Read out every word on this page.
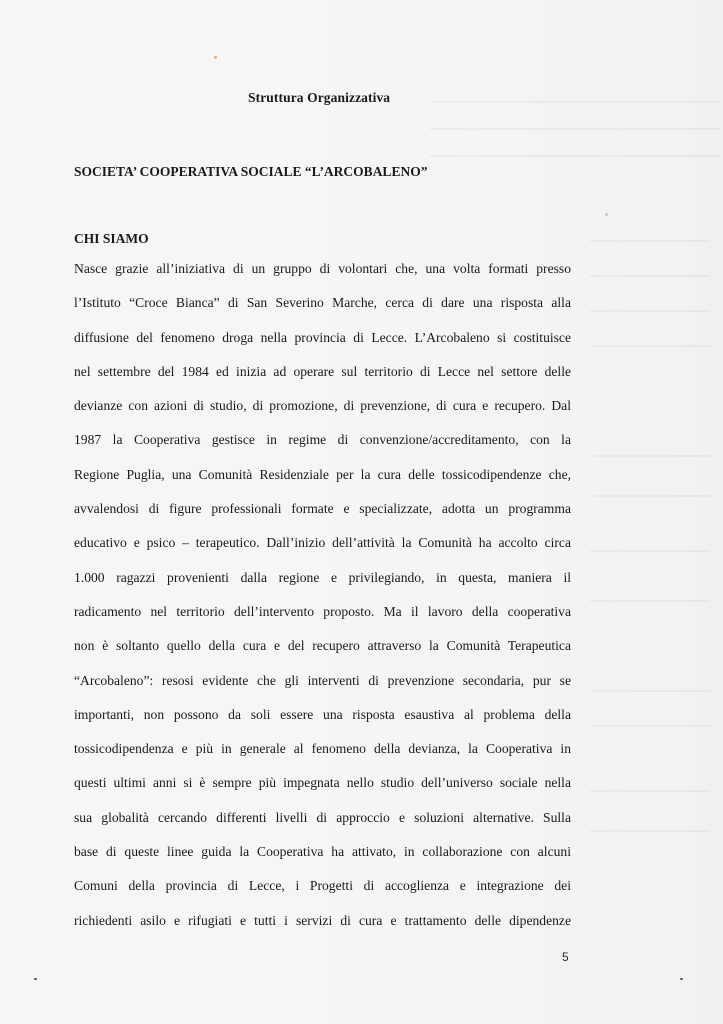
Struttura Organizzativa
SOCIETA’ COOPERATIVA SOCIALE “L’ARCOBALENO”
CHI SIAMO
Nasce grazie all’iniziativa di un gruppo di volontari che, una volta formati presso
l’Istituto “Croce Bianca” di San Severino Marche, cerca di dare una risposta alla
diffusione del fenomeno droga nella provincia di Lecce. L’Arcobaleno si costituisce
nel settembre del 1984 ed inizia ad operare sul territorio di Lecce nel settore delle
devianze con azioni di studio, di promozione, di prevenzione, di cura e recupero. Dal
1987 la Cooperativa gestisce in regime di convenzione/accreditamento, con la
Regione Puglia, una Comunità Residenziale per la cura delle tossicodipendenze che,
avvalendosi di figure professionali formate e specializzate, adotta un programma
educativo e psico – terapeutico. Dall’inizio dell’attività la Comunità ha accolto circa
1.000 ragazzi provenienti dalla regione e privilegiando, in questa, maniera il
radicamento nel territorio dell’intervento proposto. Ma il lavoro della cooperativa
non è soltanto quello della cura e del recupero attraverso la Comunità Terapeutica
“Arcobaleno”: resosi evidente che gli interventi di prevenzione secondaria, pur se
importanti, non possono da soli essere una risposta esaustiva al problema della
tossicodipendenza e più in generale al fenomeno della devianza, la Cooperativa in
questi ultimi anni si è sempre più impegnata nello studio dell’universo sociale nella
sua globalità cercando differenti livelli di approccio e soluzioni alternative. Sulla
base di queste linee guida la Cooperativa ha attivato, in collaborazione con alcuni
Comuni della provincia di Lecce, i Progetti di accoglienza e integrazione dei
richiedenti asilo e rifugiati e tutti i servizi di cura e trattamento delle dipendenze
5
